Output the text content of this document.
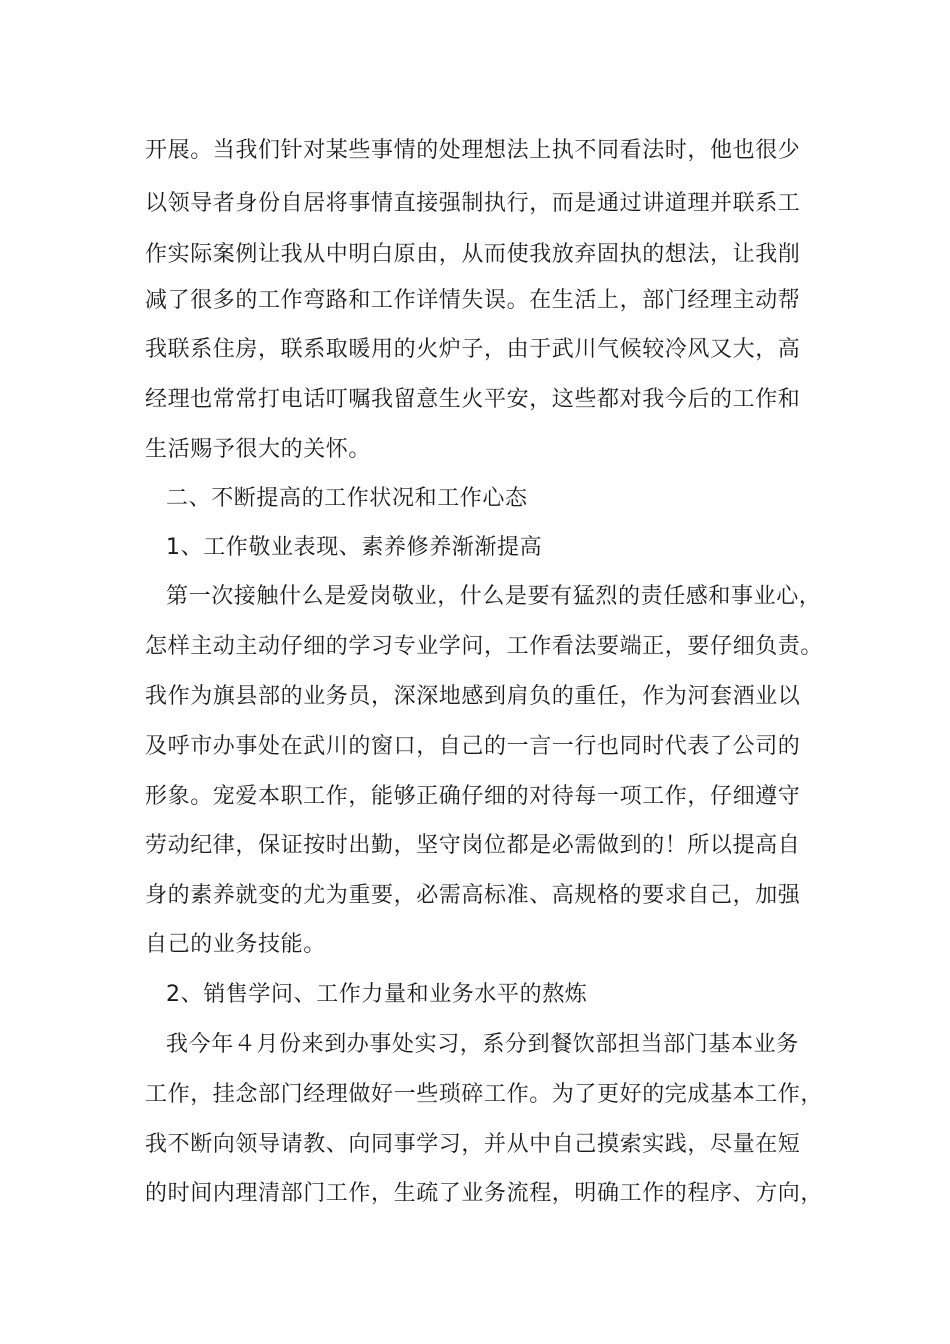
开展。当我们针对某些事情的处理想法上执不同看法时，他也很少
以领导者身份自居将事情直接强制执行，而是通过讲道理并联系工
作实际案例让我从中明白原由，从而使我放弃固执的想法，让我削
减了很多的工作弯路和工作详情失误。在生活上，部门经理主动帮
我联系住房，联系取暖用的火炉子，由于武川气候较冷风又大，高
经理也常常打电话叮嘱我留意生火平安，这些都对我今后的工作和
生活赐予很大的关怀。
二、不断提高的工作状况和工作心态
1、工作敬业表现、素养修养渐渐提高
第一次接触什么是爱岗敬业，什么是要有猛烈的责任感和事业心，
怎样主动主动仔细的学习专业学问，工作看法要端正，要仔细负责。
我作为旗县部的业务员，深深地感到肩负的重任，作为河套酒业以
及呼市办事处在武川的窗口，自己的一言一行也同时代表了公司的
形象。宠爱本职工作，能够正确仔细的对待每一项工作，仔细遵守
劳动纪律，保证按时出勤，坚守岗位都是必需做到的！所以提高自
身的素养就变的尤为重要，必需高标准、高规格的要求自己，加强
自己的业务技能。
2、销售学问、工作力量和业务水平的熬炼
我今年４月份来到办事处实习，系分到餐饮部担当部门基本业务
工作，挂念部门经理做好一些琐碎工作。为了更好的完成基本工作，
我不断向领导请教、向同事学习，并从中自己摸索实践，尽量在短
的时间内理清部门工作，生疏了业务流程，明确工作的程序、方向，
